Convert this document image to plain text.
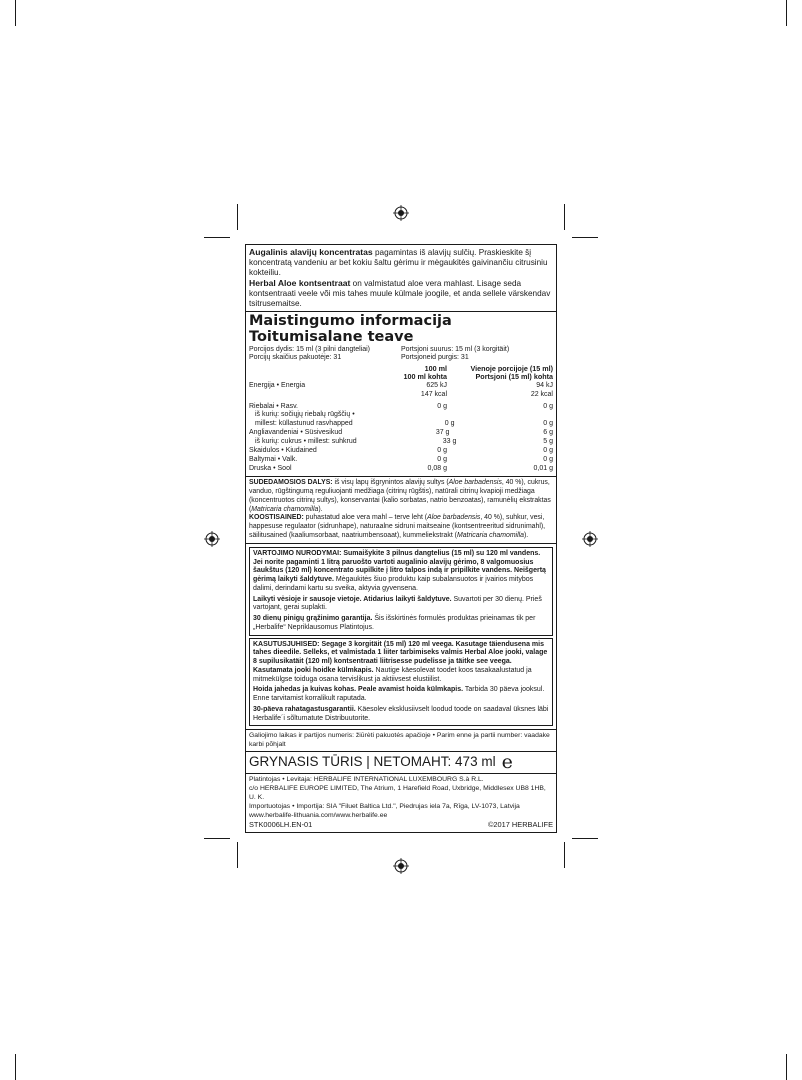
Augalinis alavijų koncentratas pagamintas iš alavijų sulčių. Praskieskite šį koncentratą vandeniu ar bet kokiu šaltu gėrimu ir mėgaukitės gaivinančiu citrusiniu kokteiliu.

Herbal Aloe kontsentraat on valmistatud aloe vera mahlast. Lisage seda kontsentraati veele või mis tahes muule külmale joogile, et anda sellele värskendav tsitrusemaitse.

Maistingumo informacija
Toitumisalane teave
Porcijos dydis: 15 ml (3 pilni dangteliai)	Portsjoni suurus: 15 ml (3 korgitäit)
Porcijų skaičius pakuotėje: 31	Portsjoneid purgis: 31
100 ml
100 ml kohta
Vienoje porcijoje (15 ml)
Portsjoni (15 ml) kohta
Energija • Energia	625 kJ	94 kJ
147 kcal	22 kcal
Riebalai • Rasv.	0 g	0 g
iš kurių: sočiųjų riebalų rūgščių •
millest: küllastunud rasvhapped	0 g	0 g
Angliavandeniai • Süsivesikud	37 g	6 g
iš kurių: cukrus • millest: suhkrud	33 g	5 g
Skaidulos • Kiudained	0 g	0 g
Baltymai • Valk.	0 g	0 g
Druska • Sool	0,08 g	0,01 g

SUDEDAMOSIOS DALYS: iš visų lapų išgrynintos alavijų sultys (Aloe barbadensis, 40 %), cukrus, vanduo, rūgštingumą reguliuojanti medžiaga (citrinų rūgštis), natūrali citrinų kvapioji medžiaga (koncentruotos citrinų sultys), konservantai (kalio sorbatas, natrio benzoatas), ramunėlių ekstraktas (Matricaria chamomilla).

KOOSTISAINED: puhastatud aloe vera mahl – terve leht (Aloe barbadensis, 40 %), suhkur, vesi, happesuse regulaator (sidrunhape), naturaalne sidruni maitseaine (kontsentreeritud sidrunimahl), säilitusained (kaaliumsorbaat, naatriumbensoaat), kummeliekstrakt (Matricaria chamomilla).

VARTOJIMO NURODYMAI: Sumaišykite 3 pilnus dangtelius (15 ml) su 120 ml vandens. Jei norite pagaminti 1 litrą paruošto vartoti augalinio alavijų gėrimo, 8 valgomuosius šaukštus (120 ml) koncentrato supilkite į litro talpos indą ir pripilkite vandens. Neišgertą gėrimą laikyti šaldytuve. Mėgaukitės šiuo produktu kaip subalansuotos ir įvairios mitybos dalimi, derindami kartu su sveika, aktyvia gyvensena.

Laikyti vėsioje ir sausoje vietoje. Atidarius laikyti šaldytuve. Suvartoti per 30 dienų. Prieš vartojant, gerai suplakti.

30 dienų pinigų grąžinimo garantija. Šis išskirtinės formulės produktas prieinamas tik per „Herbalife“ Nepriklausomus Platintojus.

KASUTUSJUHISED: Segage 3 korgitäit (15 ml) 120 ml veega. Kasutage täiendusena mis tahes dieedile. Selleks, et valmistada 1 liiter tarbimiseks valmis Herbal Aloe jooki, valage 8 supilusikatäit (120 ml) kontsentraati liitrisesse pudelisse ja täitke see veega. Kasutamata jooki hoidke külmkapis. Nautige käesolevat toodet koos tasakaalustatud ja mitmekülgse toiduga osana tervislikust ja aktiivsest elustiilist.

Hoida jahedas ja kuivas kohas. Peale avamist hoida külmkapis. Tarbida 30 päeva jooksul. Enne tarvitamist korralikult raputada.

30-päeva rahatagastusgarantii. Käesolev eksklusiivselt loodud toode on saadaval üksnes läbi Herbalife´i sõltumatute Distribuutorite.

Galiojimo laikas ir partijos numeris: žiūrėti pakuotės apačioje • Parim enne ja partii number: vaadake karbi põhjalt
GRYNASIS TŪRIS | NETOMAHT: 473 ml e

Platintojas • Levitaja: HERBALIFE INTERNATIONAL LUXEMBOURG S.à R.L.

c/o HERBALIFE EUROPE LIMITED, The Atrium, 1 Harefield Road, Uxbridge, Middlesex UB8 1HB, U. K.

Importuotojas • Importija: SIA "Filuet Baltica Ltd.", Piedrujas iela 7a, Rīga, LV-1073, Latvija

www.herbalife-lithuania.com/www.herbalife.ee

STK0006LH.EN-01	©2017 HERBALIFE
